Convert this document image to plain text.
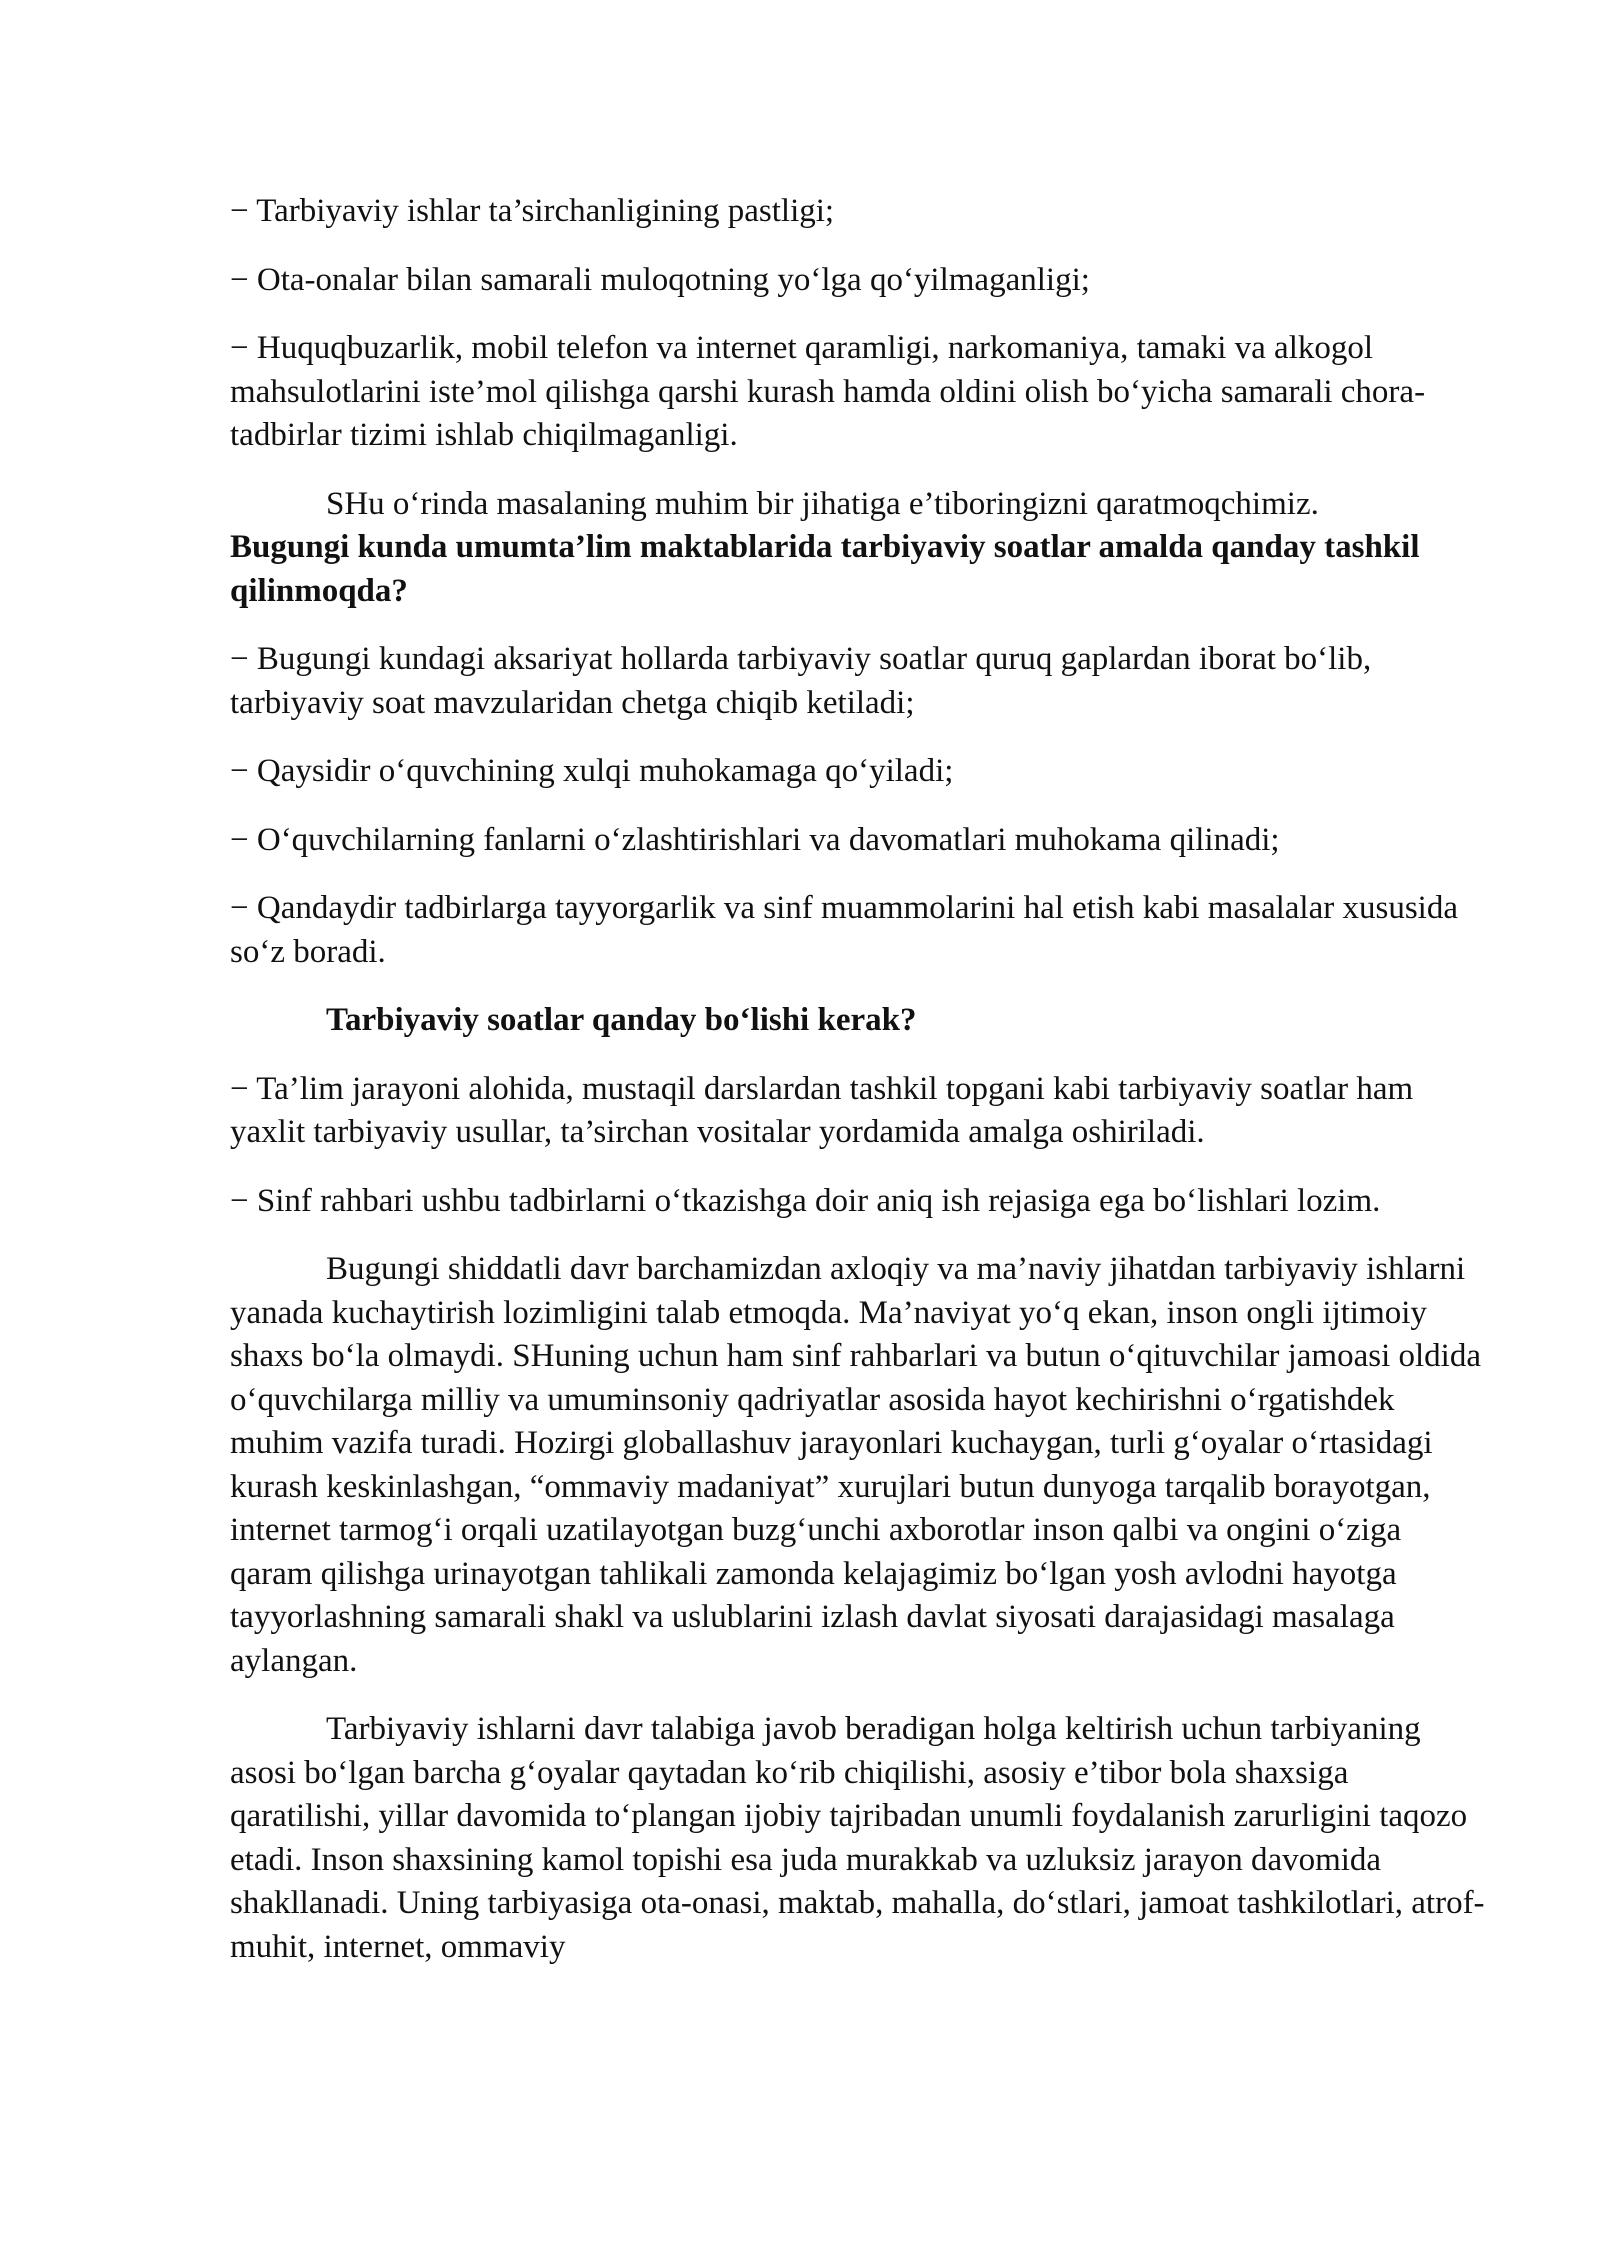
− Tarbiyaviy ishlar ta’sirchanligining pastligi;

− Ota-onalar bilan samarali muloqotning yo‘lga qo‘yilmaganligi;

− Huquqbuzarlik, mobil telefon va internet qaramligi, narkomaniya, tamaki va alkogol mahsulotlarini iste’mol qilishga qarshi kurash hamda oldini olish bo‘yicha samarali chora-tadbirlar tizimi ishlab chiqilmaganligi.

SHu o‘rinda masalaning muhim bir jihatiga e’tiboringizni qaratmoqchimiz.
Bugungi kunda umumta’lim maktablarida tarbiyaviy soatlar amalda qanday tashkil qilinmoqda?

− Bugungi kundagi aksariyat hollarda tarbiyaviy soatlar quruq gaplardan iborat bo‘lib, tarbiyaviy soat mavzularidan chetga chiqib ketiladi;

− Qaysidir o‘quvchining xulqi muhokamaga qo‘yiladi;

− O‘quvchilarning fanlarni o‘zlashtirishlari va davomatlari muhokama qilinadi;

− Qandaydir tadbirlarga tayyorgarlik va sinf muammolarini hal etish kabi masalalar xususida so‘z boradi.

Tarbiyaviy soatlar qanday bo‘lishi kerak?

− Ta’lim jarayoni alohida, mustaqil darslardan tashkil topgani kabi tarbiyaviy soatlar ham yaxlit tarbiyaviy usullar, ta’sirchan vositalar yordamida amalga oshiriladi.

− Sinf rahbari ushbu tadbirlarni o‘tkazishga doir aniq ish rejasiga ega bo‘lishlari lozim.

Bugungi shiddatli davr barchamizdan axloqiy va ma’naviy jihatdan tarbiyaviy ishlarni yanada kuchaytirish lozimligini talab etmoqda. Ma’naviyat yo‘q ekan, inson ongli ijtimoiy shaxs bo‘la olmaydi. SHuning uchun ham sinf rahbarlari va butun o‘qituvchilar jamoasi oldida o‘quvchilarga milliy va umuminsoniy qadriyatlar asosida hayot kechirishni o‘rgatishdek muhim vazifa turadi. Hozirgi globallashuv jarayonlari kuchaygan, turli g‘oyalar o‘rtasidagi kurash keskinlashgan, “ommaviy madaniyat” xurujlari butun dunyoga tarqalib borayotgan, internet tarmog‘i orqali uzatilayotgan buzg‘unchi axborotlar inson qalbi va ongini o‘ziga qaram qilishga urinayotgan tahlikali zamonda kelajagimiz bo‘lgan yosh avlodni hayotga tayyorlashning samarali shakl va uslublarini izlash davlat siyosati darajasidagi masalaga aylangan.

Tarbiyaviy ishlarni davr talabiga javob beradigan holga keltirish uchun tarbiyaning asosi bo‘lgan barcha g‘oyalar qaytadan ko‘rib chiqilishi, asosiy e’tibor bola shaxsiga qaratilishi, yillar davomida to‘plangan ijobiy tajribadan unumli foydalanish zarurligini taqozo etadi. Inson shaxsining kamol topishi esa juda murakkab va uzluksiz jarayon davomida shakllanadi. Uning tarbiyasiga ota-onasi, maktab, mahalla, do‘stlari, jamoat tashkilotlari, atrof-muhit, internet, ommaviy
